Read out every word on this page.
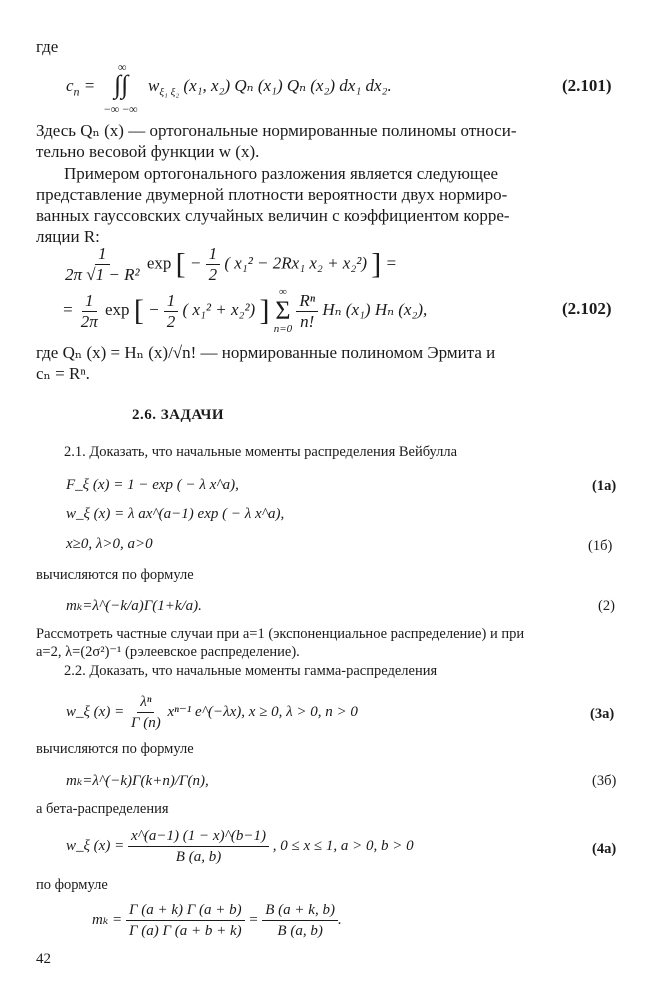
где
$c_n$ =
∞
∫∫
−∞ −∞
$w_{\xi_1 \xi_2}$ (x₁, x₂) Qₙ (x₁) Qₙ (x₂) dx₁ dx₂.	(2.101)
Здесь Qₙ (x) — ортогональные нормированные полиномы относи-
тельно весовой функции w (x).
Примером ортогонального разложения является следующее
представление двумерной плотности вероятности двух нормиро-
ванных гауссовских случайных величин с коэффициентом корре-
ляции R:
$\frac{1}{\text{2π √1 − R²}}$ exp [ − $\frac{1}{2}$ ( x₁² − 2Rx₁ x₂ + x₂²) ] =
= $\frac{1}{2\pi}$ exp [ − $\frac{1}{2}$ ( x₁² + x₂²) ]
∞
Σ
n=0
$\frac{\text{Rⁿ}}{n!}$ Hₙ (x₁) Hₙ (x₂),	(2.102)
где Qₙ (x) = Hₙ (x)/√n! — нормированные полиномом Эрмита и
cₙ = Rⁿ.
2.6. ЗАДАЧИ
2.1. Доказать, что начальные моменты распределения Вейбулла
F_ξ (x) = 1 − exp ( − λ x^a),	(1а)
w_ξ (x) = λ ax^(a−1) exp ( − λ x^a),
x≥0, λ>0, a>0	(1б)
вычисляются по формуле
mₖ=λ^(−k/a)Γ(1+k/a).	(2)
Рассмотреть частные случаи при a=1 (экспоненциальное распределение) и при
a=2, λ=(2σ²)⁻¹ (рэлеевское распределение).
2.2. Доказать, что начальные моменты гамма-распределения
w_ξ $(x) = \frac{\text{λⁿ}}{\Gamma (n)} x^{n-1}$ e^(−λx), x ≥ 0, λ > 0, n > 0	(3а)
вычисляются по формуле
mₖ=λ^(−k)Γ(k+n)/Γ(n),	(3б)
а бета-распределения
w_ξ $(x) = \frac{x\^{}(a-1) (1 - x)\^{}(b-1)}{B (a, b)}$ , 0 ≤ x ≤ 1, a > 0, b > 0	(4а)
по формуле
$m_k = \frac{\Gamma (a + k) \Gamma (a + b)}{\Gamma (a) \Gamma (a + b + k)} = \frac{B (a + k, b)}{B (a, b)}$ .
42
